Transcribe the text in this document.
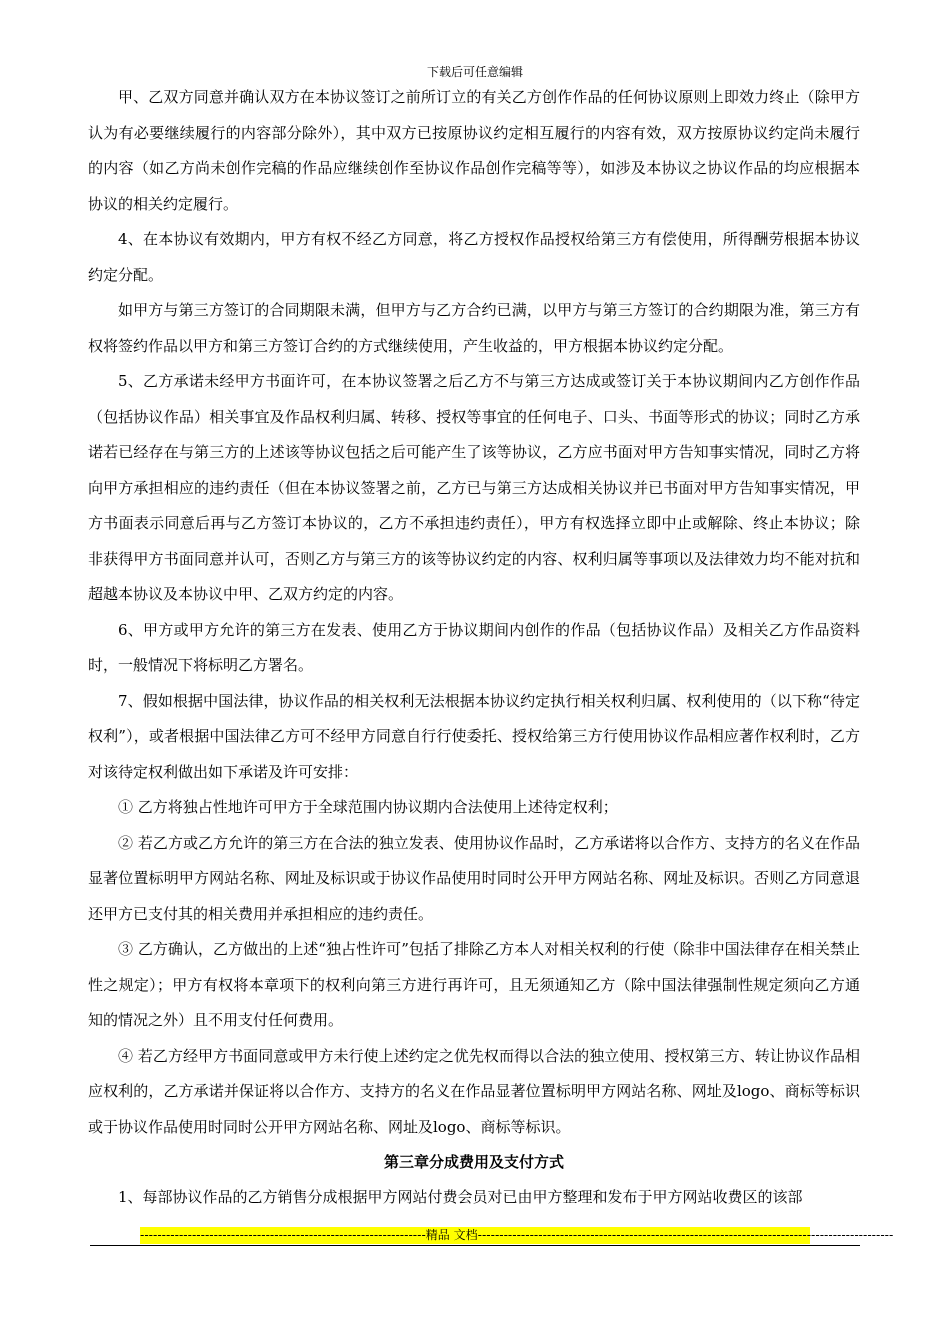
下载后可任意编辑

甲、乙双方同意并确认双方在本协议签订之前所订立的有关乙方创作作品的任何协议原则上即效力终止（除甲方认为有必要继续履行的内容部分除外），其中双方已按原协议约定相互履行的内容有效，双方按原协议约定尚未履行的内容（如乙方尚未创作完稿的作品应继续创作至协议作品创作完稿等等），如涉及本协议之协议作品的均应根据本协议的相关约定履行。

4、在本协议有效期内，甲方有权不经乙方同意，将乙方授权作品授权给第三方有偿使用，所得酬劳根据本协议约定分配。

如甲方与第三方签订的合同期限未满，但甲方与乙方合约已满，以甲方与第三方签订的合约期限为准，第三方有权将签约作品以甲方和第三方签订合约的方式继续使用，产生收益的，甲方根据本协议约定分配。

5、乙方承诺未经甲方书面许可，在本协议签署之后乙方不与第三方达成或签订关于本协议期间内乙方创作作品（包括协议作品）相关事宜及作品权利归属、转移、授权等事宜的任何电子、口头、书面等形式的协议；同时乙方承诺若已经存在与第三方的上述该等协议包括之后可能产生了该等协议，乙方应书面对甲方告知事实情况，同时乙方将向甲方承担相应的违约责任（但在本协议签署之前，乙方已与第三方达成相关协议并已书面对甲方告知事实情况，甲方书面表示同意后再与乙方签订本协议的，乙方不承担违约责任），甲方有权选择立即中止或解除、终止本协议；除非获得甲方书面同意并认可，否则乙方与第三方的该等协议约定的内容、权利归属等事项以及法律效力均不能对抗和超越本协议及本协议中甲、乙双方约定的内容。

6、甲方或甲方允许的第三方在发表、使用乙方于协议期间内创作的作品（包括协议作品）及相关乙方作品资料时，一般情况下将标明乙方署名。

7、假如根据中国法律，协议作品的相关权利无法根据本协议约定执行相关权利归属、权利使用的（以下称“待定权利”），或者根据中国法律乙方可不经甲方同意自行行使委托、授权给第三方行使用协议作品相应著作权利时，乙方对该待定权利做出如下承诺及许可安排：

① 乙方将独占性地许可甲方于全球范围内协议期内合法使用上述待定权利；

② 若乙方或乙方允许的第三方在合法的独立发表、使用协议作品时，乙方承诺将以合作方、支持方的名义在作品显著位置标明甲方网站名称、网址及标识或于协议作品使用时同时公开甲方网站名称、网址及标识。否则乙方同意退还甲方已支付其的相关费用并承担相应的违约责任。

③ 乙方确认，乙方做出的上述“独占性许可”包括了排除乙方本人对相关权利的行使（除非中国法律存在相关禁止性之规定）；甲方有权将本章项下的权利向第三方进行再许可，且无须通知乙方（除中国法律强制性规定须向乙方通知的情况之外）且不用支付任何费用。

④ 若乙方经甲方书面同意或甲方未行使上述约定之优先权而得以合法的独立使用、授权第三方、转让协议作品相应权利的，乙方承诺并保证将以合作方、支持方的名义在作品显著位置标明甲方网站名称、网址及logo、商标等标识或于协议作品使用时同时公开甲方网站名称、网址及logo、商标等标识。

第三章分成费用及支付方式

1、每部协议作品的乙方销售分成根据甲方网站付费会员对已由甲方整理和发布于甲方网站收费区的该部

------------------------------------------------------------------精品 文档------------------------------------------------------------------------------------------------
